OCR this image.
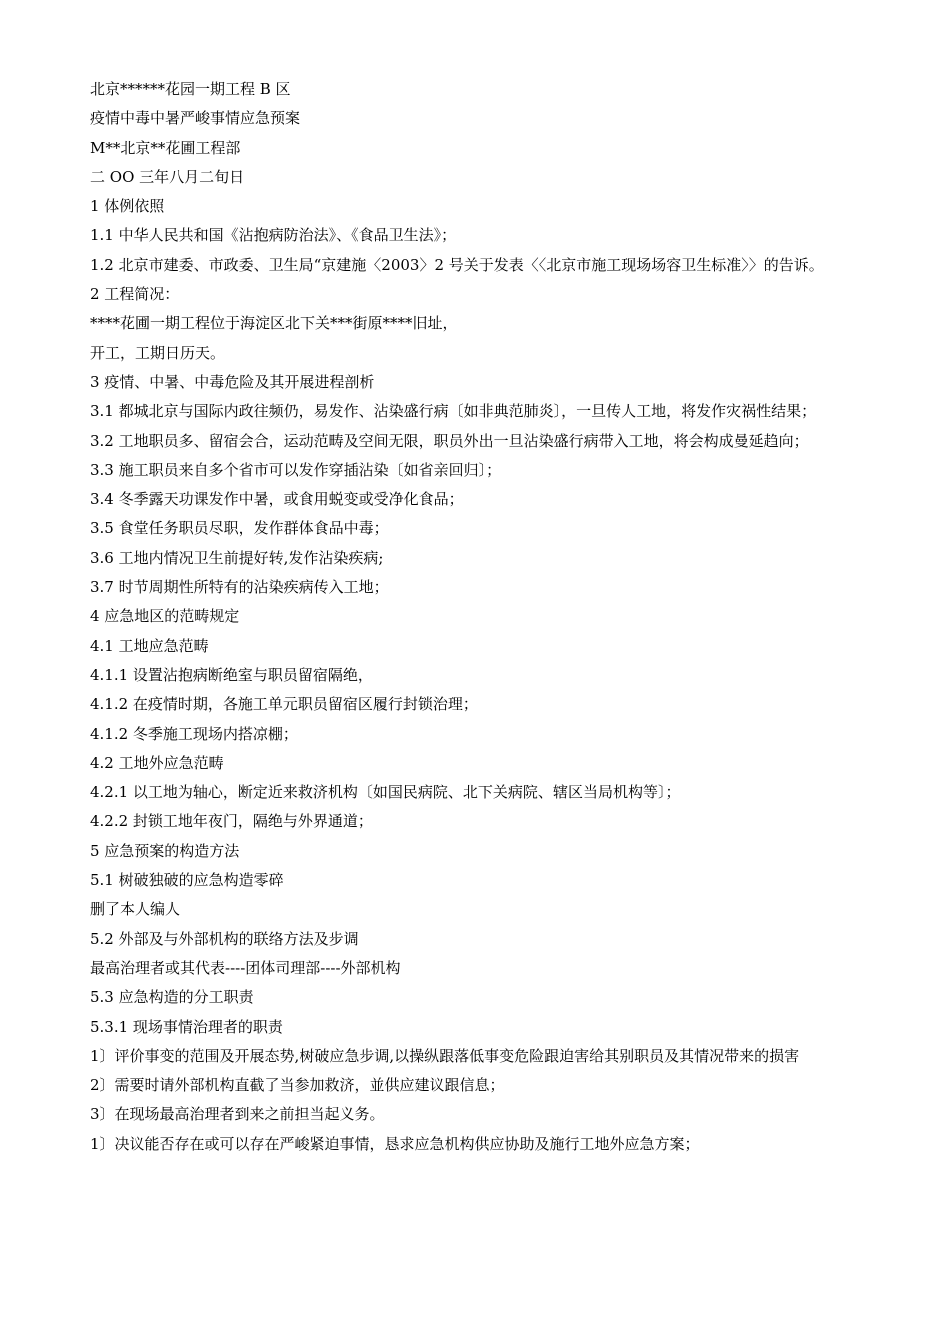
北京******花园一期工程 B 区

疫情中毒中暑严峻事情应急预案

M**北京**花圃工程部

二 OO 三年八月二旬日

1 体例依照

1.1 中华人民共和国《沾抱病防治法》、《食品卫生法》；

1.2 北京市建委、市政委、卫生局“京建施〈2003〉2 号关于发表〈〈北京市施工现场场容卫生标准〉〉的告诉。

2 工程简况：

****花圃一期工程位于海淀区北下关***街原****旧址，

开工，工期日历天。

3 疫情、中暑、中毒危险及其开展进程剖析

3.1 都城北京与国际内政往频仍，易发作、沾染盛行病〔如非典范肺炎〕，一旦传人工地，将发作灾祸性结果；

3.2 工地职员多、留宿会合，运动范畴及空间无限，职员外出一旦沾染盛行病带入工地，将会构成曼延趋向；

3.3 施工职员来自多个省市可以发作穿插沾染〔如省亲回归〕；

3.4 冬季露天功课发作中暑，或食用蜕变或受净化食品；

3.5 食堂任务职员尽职，发作群体食品中毒；

3.6 工地内情况卫生前提好转,发作沾染疾病;

3.7 时节周期性所特有的沾染疾病传入工地；

4 应急地区的范畴规定

4.1 工地应急范畴

4.1.1 设置沾抱病断绝室与职员留宿隔绝，

4.1.2 在疫情时期，各施工单元职员留宿区履行封锁治理；

4.1.2 冬季施工现场内搭凉棚；

4.2 工地外应急范畴

4.2.1 以工地为轴心，断定近来救济机构〔如国民病院、北下关病院、辖区当局机构等〕；

4.2.2 封锁工地年夜门，隔绝与外界通道；

5 应急预案的构造方法

5.1 树破独破的应急构造零碎

删了本人编人

5.2 外部及与外部机构的联络方法及步调

最高治理者或其代表----团体司理部----外部机构

5.3 应急构造的分工职责

5.3.1 现场事情治理者的职责

1〕评价事变的范围及开展态势,树破应急步调,以操纵跟落低事变危险跟迫害给其别职员及其情况带来的损害

2〕需要时请外部机构直截了当参加救济，並供应建议跟信息；

3〕在现场最高治理者到来之前担当起义务。

1〕决议能否存在或可以存在严峻紧迫事情，恳求应急机构供应协助及施行工地外应急方案；
